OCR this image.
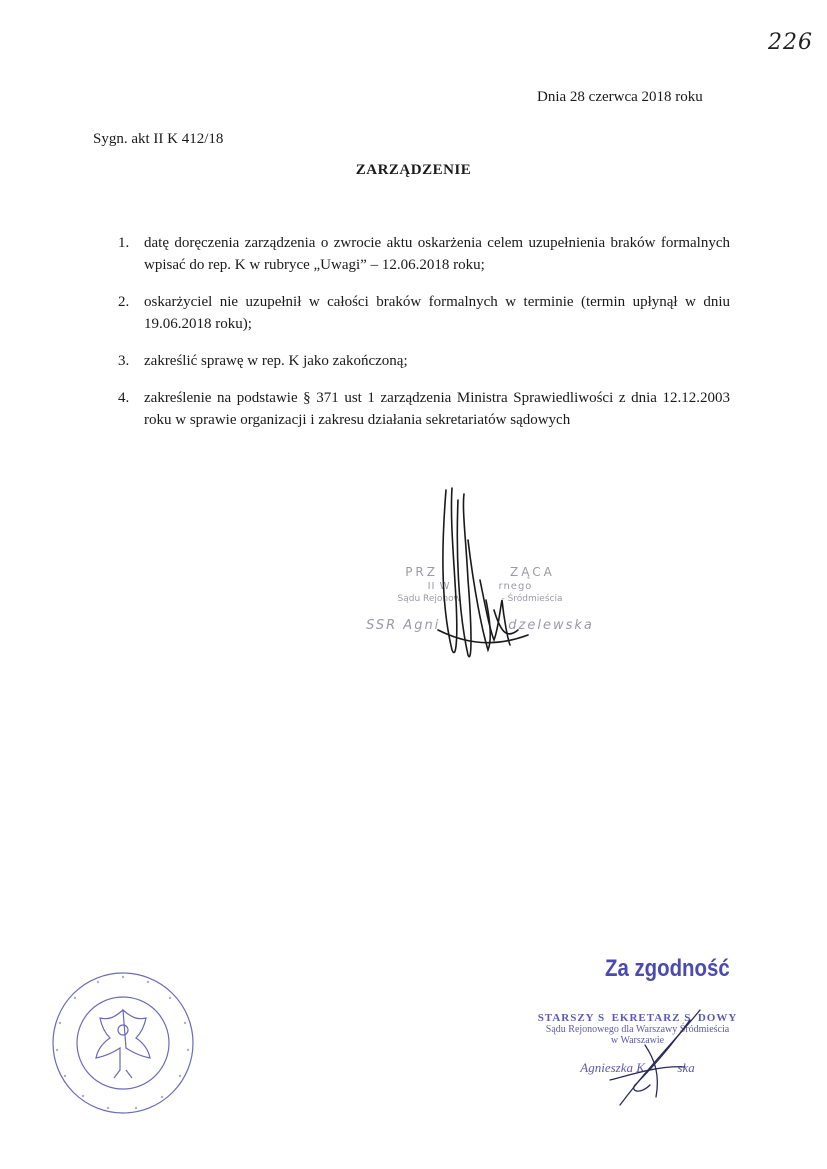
226
Dnia 28 czerwca 2018 roku
Sygn. akt II K 412/18
ZARZĄDZENIE
1. datę doręczenia zarządzenia o zwrocie aktu oskarżenia celem uzupełnienia braków formalnych wpisać do rep. K w rubryce „Uwagi” – 12.06.2018 roku;
2. oskarżyciel nie uzupełnił w całości braków formalnych w terminie (termin upłynął w dniu 19.06.2018 roku);
3. zakreślić sprawę w rep. K jako zakończoną;
4. zakreślenie na podstawie § 371 ust 1 zarządzenia Ministra Sprawiedliwości z dnia 12.12.2003 roku w sprawie organizacji i zakresu działania sekretariatów sądowych
PRZ        ZĄCA
II W        rnego
Sądu Rejonow         - Śródmieścia
SSR Agni        dzelewska
Za zgodność
STARSZY S EKRETARZ S DOWY
Sądu Rejonowego dla Warszawy Śródmieścia
w Warszawie
Agnieszka K     ska
